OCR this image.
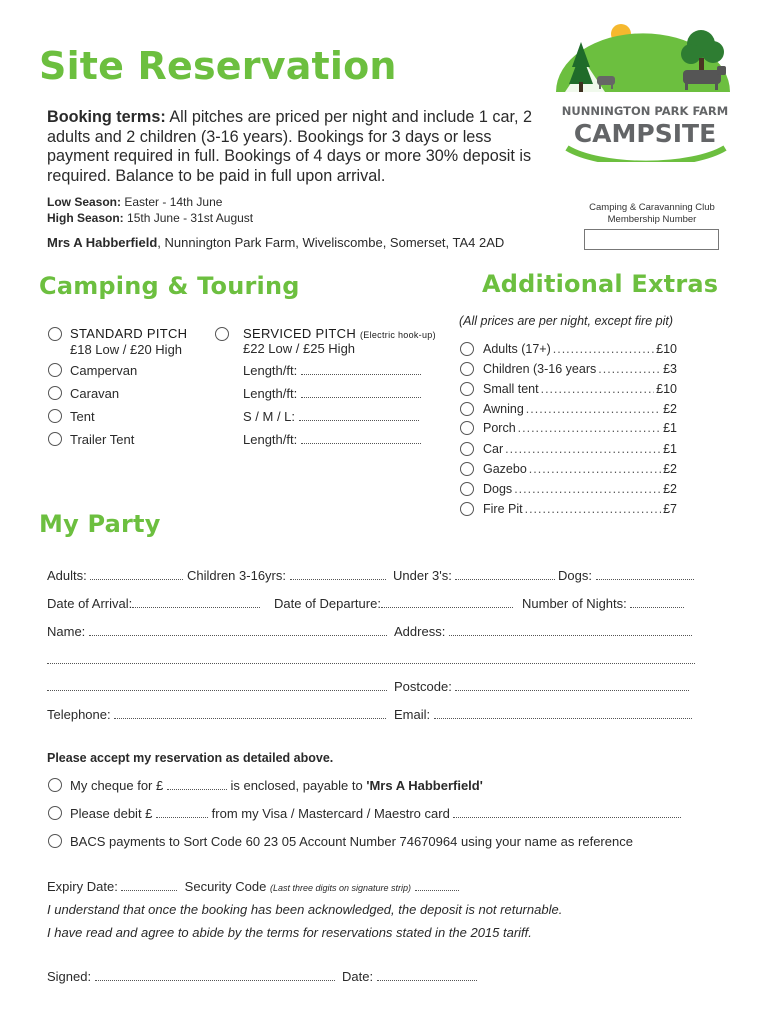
Site Reservation
Booking terms: All pitches are priced per night and include 1 car, 2 adults and 2 children (3-16 years). Bookings for 3 days or less payment required in full. Bookings of 4 days or more 30% deposit is required. Balance to be paid in full upon arrival.
Low Season: Easter - 14th June
High Season: 15th June - 31st August
Mrs A Habberfield, Nunnington Park Farm, Wiveliscombe, Somerset, TA4 2AD
NUNNINGTON PARK FARM
CAMPSITE
Camping & Caravanning Club Membership Number
Camping & Touring
STANDARD PITCH
£18 Low / £20 High
SERVICED PITCH (Electric hook-up)
£22 Low / £25 High
Campervan	Length/ft:
Caravan	Length/ft:
Tent	S / M / L:
Trailer Tent	Length/ft:
Additional Extras
(All prices are per night, except fire pit)
Adults (17+) .....	£10
Children (3-16 years .....	£3
Small tent .....	£10
Awning .....	£2
Porch .....	£1
Car .....	£1
Gazebo .....	£2
Dogs .....	£2
Fire Pit .....	£7
My Party
Adults:	Children 3-16yrs:	Under 3's:	Dogs:
Date of Arrival:	Date of Departure:	Number of Nights:
Name:	Address:
Postcode:
Telephone:	Email:
Please accept my reservation as detailed above.
My cheque for £	is enclosed, payable to 'Mrs A Habberfield'
Please debit £	from my Visa / Mastercard / Maestro card
BACS payments to Sort Code 60 23 05 Account Number 74670964 using your name as reference
Expiry Date:	Security Code (Last three digits on signature strip)
I understand that once the booking has been acknowledged, the deposit is not returnable.
I have read and agree to abide by the terms for reservations stated in the 2015 tariff.
Signed:	Date:
